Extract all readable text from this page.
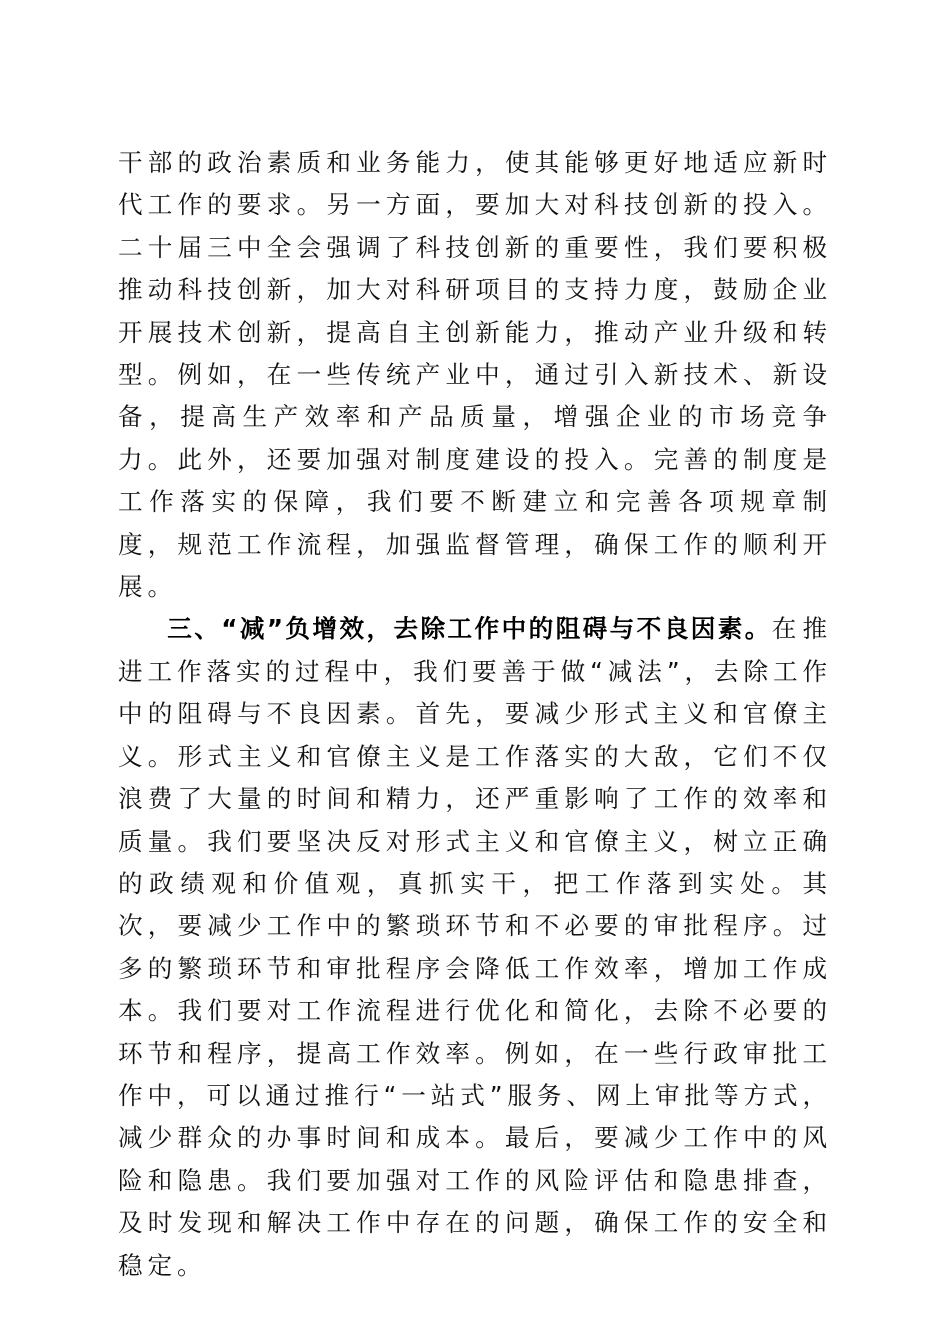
干部的政治素质和业务能力，使其能够更好地适应新时代工作的要求。另一方面，要加大对科技创新的投入。二十届三中全会强调了科技创新的重要性，我们要积极推动科技创新，加大对科研项目的支持力度，鼓励企业开展技术创新，提高自主创新能力，推动产业升级和转型。例如，在一些传统产业中，通过引入新技术、新设备，提高生产效率和产品质量，增强企业的市场竞争力。此外，还要加强对制度建设的投入。完善的制度是工作落实的保障，我们要不断建立和完善各项规章制度，规范工作流程，加强监督管理，确保工作的顺利开展。

三、“减”负增效，去除工作中的阻碍与不良因素。在推进工作落实的过程中，我们要善于做“减法”，去除工作中的阻碍与不良因素。首先，要减少形式主义和官僚主义。形式主义和官僚主义是工作落实的大敌，它们不仅浪费了大量的时间和精力，还严重影响了工作的效率和质量。我们要坚决反对形式主义和官僚主义，树立正确的政绩观和价值观，真抓实干，把工作落到实处。其次，要减少工作中的繁琐环节和不必要的审批程序。过多的繁琐环节和审批程序会降低工作效率，增加工作成本。我们要对工作流程进行优化和简化，去除不必要的环节和程序，提高工作效率。例如，在一些行政审批工作中，可以通过推行“一站式”服务、网上审批等方式，减少群众的办事时间和成本。最后，要减少工作中的风险和隐患。我们要加强对工作的风险评估和隐患排查，及时发现和解决工作中存在的问题，确保工作的安全和稳定。
